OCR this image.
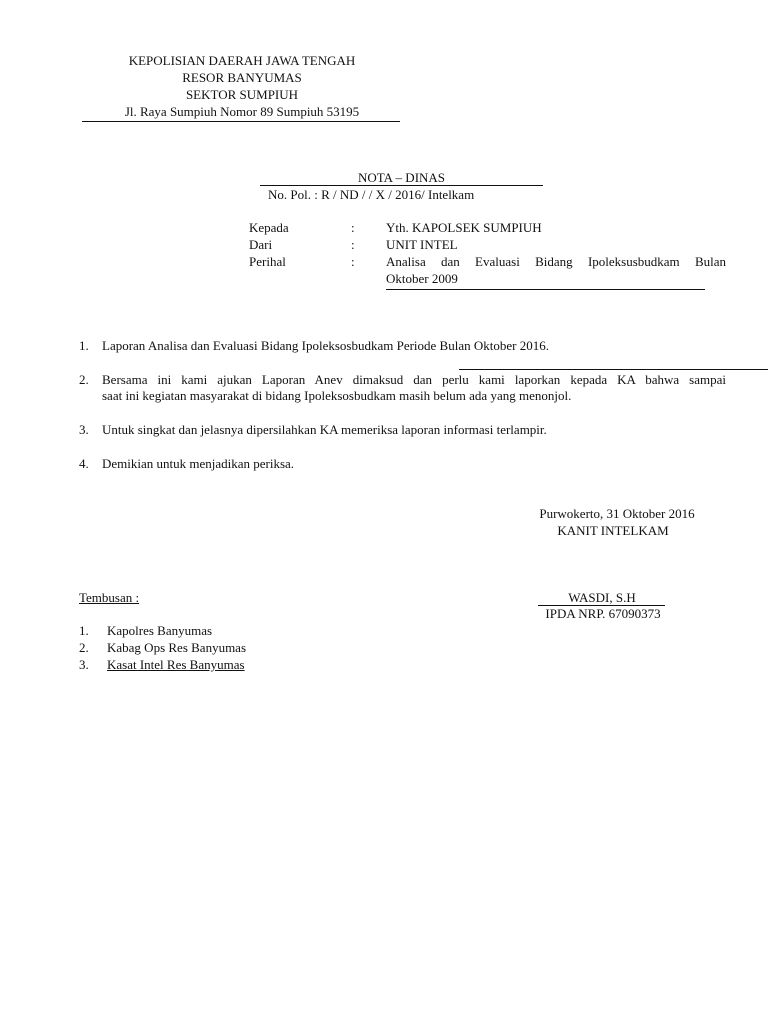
KEPOLISIAN DAERAH JAWA TENGAH
RESOR BANYUMAS
SEKTOR SUMPIUH
Jl. Raya Sumpiuh Nomor 89 Sumpiuh 53195
NOTA – DINAS
No. Pol. : R / ND / / X / 2016/ Intelkam
Kepada	: Yth. KAPOLSEK SUMPIUH
Dari	: UNIT INTEL
Perihal	: Analisa dan Evaluasi Bidang Ipoleksusbudkam Bulan
Oktober 2009
1. Laporan Analisa dan Evaluasi Bidang Ipoleksosbudkam Periode Bulan Oktober 2016.
2. Bersama ini kami ajukan Laporan Anev dimaksud dan perlu kami laporkan kepada KA bahwa sampai
saat ini kegiatan masyarakat di bidang Ipoleksosbudkam masih belum ada yang menonjol.
3. Untuk singkat dan jelasnya dipersilahkan KA memeriksa laporan informasi terlampir.
4. Demikian untuk menjadikan periksa.
Purwokerto, 31 Oktober 2016
KANIT INTELKAM
WASDI, S.H
IPDA NRP. 67090373
Tembusan :
1. Kapolres Banyumas
2. Kabag Ops Res Banyumas
3. Kasat Intel Res Banyumas
